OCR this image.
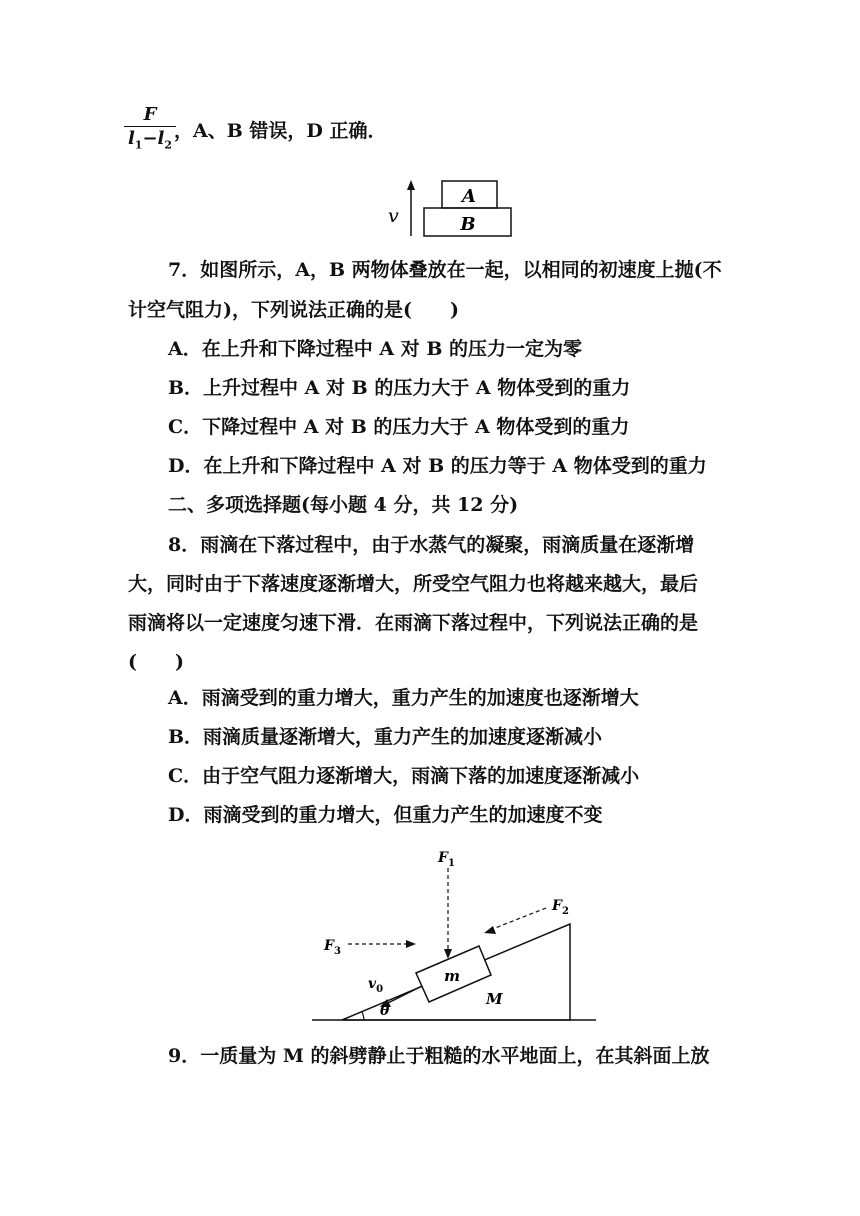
$\frac{F}{l_1-l_2}$
，A、B 错误，D 正确．
v
A
B
7．如图所示，A，B 两物体叠放在一起，以相同的初速度上抛(不
计空气阻力)，下列说法正确的是(　　)
A．在上升和下降过程中 A 对 B 的压力一定为零
B．上升过程中 A 对 B 的压力大于 A 物体受到的重力
C．下降过程中 A 对 B 的压力大于 A 物体受到的重力
D．在上升和下降过程中 A 对 B 的压力等于 A 物体受到的重力
二、多项选择题(每小题 4 分，共 12 分)
8．雨滴在下落过程中，由于水蒸气的凝聚，雨滴质量在逐渐增
大，同时由于下落速度逐渐增大，所受空气阻力也将越来越大，最后
雨滴将以一定速度匀速下滑．在雨滴下落过程中，下列说法正确的是
(　　)
A．雨滴受到的重力增大，重力产生的加速度也逐渐增大
B．雨滴质量逐渐增大，重力产生的加速度逐渐减小
C．由于空气阻力逐渐增大，雨滴下落的加速度逐渐减小
D．雨滴受到的重力增大，但重力产生的加速度不变
m
$F_1$
$F_2$
$F_3$
$v_0$
θ
M
9．一质量为 M 的斜劈静止于粗糙的水平地面上，在其斜面上放
